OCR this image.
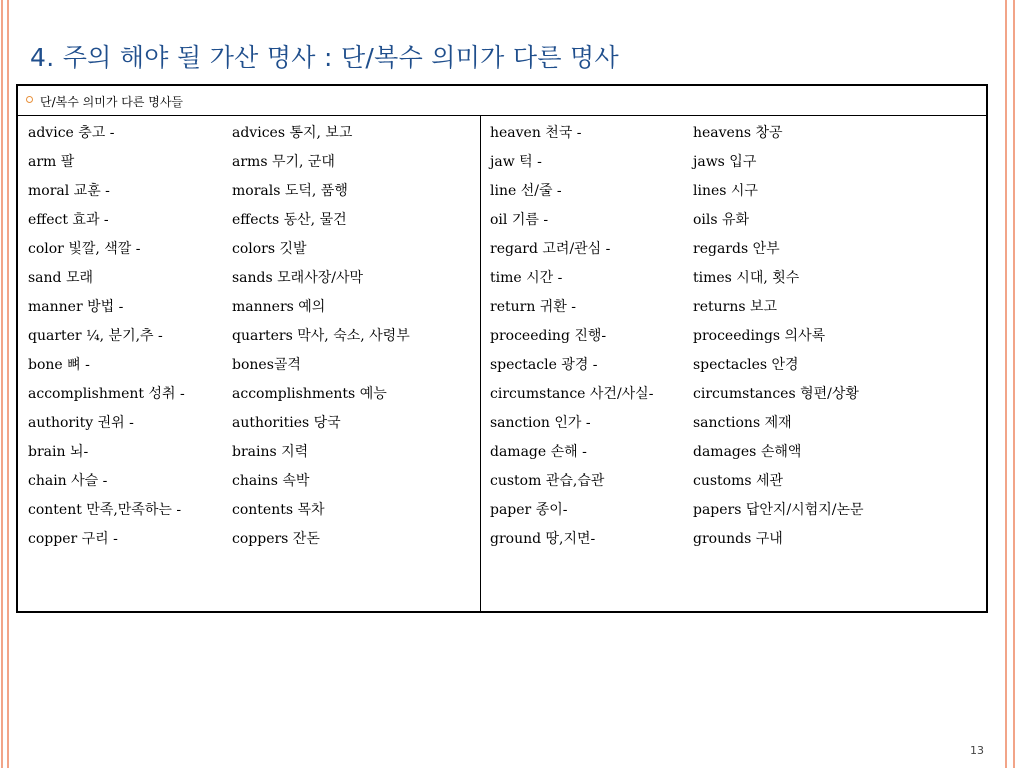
4. 주의 해야 될 가산 명사 : 단/복수 의미가 다른 명사
단/복수 의미가 다른 명사들
advice 충고 -	advices 통지, 보고
arm 팔	arms 무기, 군대
moral 교훈 -	morals 도덕, 품행
effect 효과 -	effects 동산, 물건
color 빛깔, 색깔 -	colors 깃발
sand 모래	sands 모래사장/사막
manner 방법 -	manners 예의
quarter ¼, 분기,추 -	quarters 막사, 숙소, 사령부
bone 뼈 -	bones골격
accomplishment 성취 -	accomplishments 예능
authority 권위 -	authorities 당국
brain 뇌-	brains 지력
chain 사슬 -	chains 속박
content 만족,만족하는 -	contents 목차
copper 구리 -	coppers 잔돈
heaven 천국 -	heavens 창공
jaw 턱 -	jaws 입구
line 선/줄 -	lines 시구
oil 기름 -	oils 유화
regard 고려/관심 -	regards 안부
time 시간 -	times 시대, 횟수
return 귀환 -	returns 보고
proceeding 진행-	proceedings 의사록
spectacle 광경 -	spectacles 안경
circumstance 사건/사실-	circumstances 형편/상황
sanction 인가 -	sanctions 제재
damage 손해 -	damages 손해액
custom 관습,습관	customs 세관
paper 종이-	papers 답안지/시험지/논문
ground 땅,지면-	grounds 구내
13
